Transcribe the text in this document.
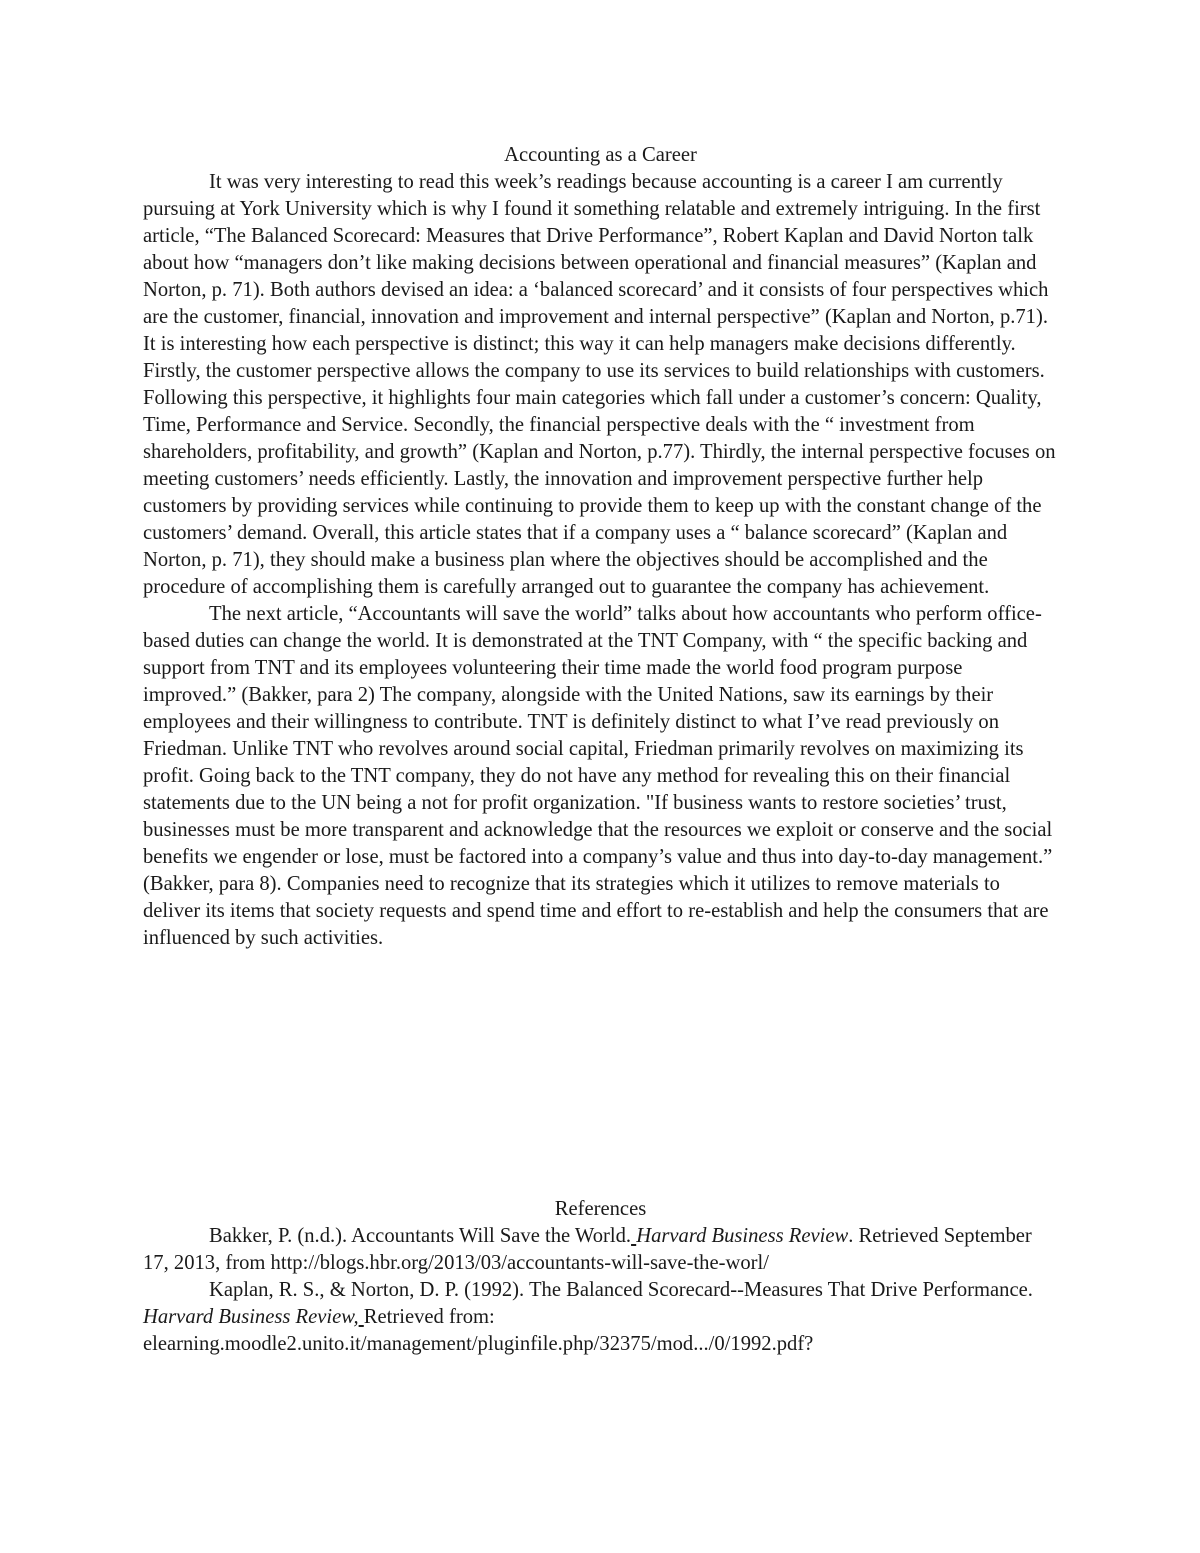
Accounting as a Career

It was very interesting to read this week’s readings because accounting is a career I am currently pursuing at York University which is why I found it something relatable and extremely intriguing. In the first article, “The Balanced Scorecard: Measures that Drive Performance”, Robert Kaplan and David Norton talk about how “managers don’t like making decisions between operational and financial measures” (Kaplan and Norton, p. 71). Both authors devised an idea: a ‘balanced scorecard’ and it consists of four perspectives which are the customer, financial, innovation and improvement and internal perspective” (Kaplan and Norton, p.71). It is interesting how each perspective is distinct; this way it can help managers make decisions differently. Firstly, the customer perspective allows the company to use its services to build relationships with customers. Following this perspective, it highlights four main categories which fall under a customer’s concern: Quality, Time, Performance and Service. Secondly, the financial perspective deals with the “ investment from shareholders, profitability, and growth” (Kaplan and Norton, p.77). Thirdly, the internal perspective focuses on meeting customers’ needs efficiently. Lastly, the innovation and improvement perspective further help customers by providing services while continuing to provide them to keep up with the constant change of the customers’ demand. Overall, this article states that if a company uses a “ balance scorecard” (Kaplan and Norton, p. 71), they should make a business plan where the objectives should be accomplished and the procedure of accomplishing them is carefully arranged out to guarantee the company has achievement.

The next article, “Accountants will save the world” talks about how accountants who perform office-based duties can change the world. It is demonstrated at the TNT Company, with “ the specific backing and support from TNT and its employees volunteering their time made the world food program purpose improved.” (Bakker, para 2) The company, alongside with the United Nations, saw its earnings by their employees and their willingness to contribute. TNT is definitely distinct to what I’ve read previously on Friedman. Unlike TNT who revolves around social capital, Friedman primarily revolves on maximizing its profit. Going back to the TNT company, they do not have any method for revealing this on their financial statements due to the UN being a not for profit organization. "If business wants to restore societies’ trust, businesses must be more transparent and acknowledge that the resources we exploit or conserve and the social benefits we engender or lose, must be factored into a company’s value and thus into day-to-day management.” (Bakker, para 8). Companies need to recognize that its strategies which it utilizes to remove materials to deliver its items that society requests and spend time and effort to re-establish and help the consumers that are influenced by such activities.

References

Bakker, P. (n.d.). Accountants Will Save the World. Harvard Business Review. Retrieved September 17, 2013, from http://blogs.hbr.org/2013/03/accountants-will-save-the-worl/

Kaplan, R. S., & Norton, D. P. (1992). The Balanced Scorecard--Measures That Drive Performance. Harvard Business Review, Retrieved from: elearning.moodle2.unito.it/management/pluginfile.php/32375/mod.../0/1992.pdf?
